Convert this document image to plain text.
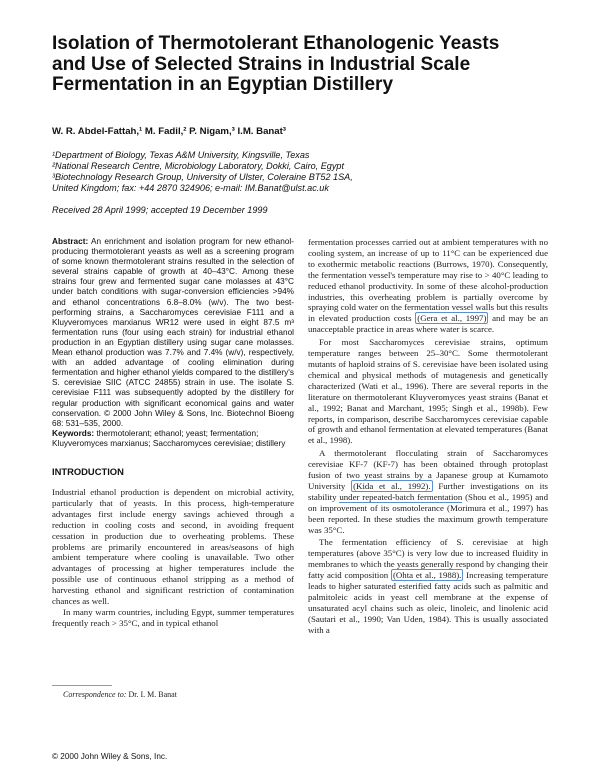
Isolation of Thermotolerant Ethanologenic Yeasts and Use of Selected Strains in Industrial Scale Fermentation in an Egyptian Distillery
W. R. Abdel-Fattah,¹ M. Fadil,² P. Nigam,³ I.M. Banat³
¹Department of Biology, Texas A&M University, Kingsville, Texas
²National Research Centre, Microbiology Laboratory, Dokki, Cairo, Egypt
³Biotechnology Research Group, University of Ulster, Coleraine BT52 1SA,
United Kingdom; fax: +44 2870 324906; e-mail: IM.Banat@ulst.ac.uk
Received 28 April 1999; accepted 19 December 1999
Abstract: An enrichment and isolation program for new ethanol-producing thermotolerant yeasts as well as a screening program of some known thermotolerant strains resulted in the selection of several strains capable of growth at 40–43°C. Among these strains four grew and fermented sugar cane molasses at 43°C under batch conditions with sugar-conversion efficiencies >94% and ethanol concentrations 6.8–8.0% (w/v). The two best-performing strains, a Saccharomyces cerevisiae F111 and a Kluyveromyces marxianus WR12 were used in eight 87.5 m³ fermentation runs (four using each strain) for industrial ethanol production in an Egyptian distillery using sugar cane molasses. Mean ethanol production was 7.7% and 7.4% (w/v), respectively, with an added advantage of cooling elimination during fermentation and higher ethanol yields compared to the distillery's S. cerevisiae SIIC (ATCC 24855) strain in use. The isolate S. cerevisiae F111 was subsequently adopted by the distillery for regular production with significant economical gains and water conservation. © 2000 John Wiley & Sons, Inc. Biotechnol Bioeng 68: 531–535, 2000.
Keywords: thermotolerant; ethanol; yeast; fermentation; Kluyveromyces marxianus; Saccharomyces cerevisiae; distillery
INTRODUCTION

Industrial ethanol production is dependent on microbial activity, particularly that of yeasts. In this process, high-temperature advantages first include energy savings achieved through a reduction in cooling costs and second, in avoiding frequent cessation in production due to overheating problems. These problems are primarily encountered in areas/seasons of high ambient temperature where cooling is unavailable. Two other advantages of processing at higher temperatures include the possible use of continuous ethanol stripping as a method of harvesting ethanol and significant restriction of contamination chances as well.

In many warm countries, including Egypt, summer temperatures frequently reach > 35°C, and in typical ethanol

fermentation processes carried out at ambient temperatures with no cooling system, an increase of up to 11°C can be experienced due to exothermic metabolic reactions (Burrows, 1970). Consequently, the fermentation vessel's temperature may rise to > 40°C leading to reduced ethanol productivity. In some of these alcohol-production industries, this overheating problem is partially overcome by spraying cold water on the fermentation vessel walls but this results in elevated production costs (Gera et al., 1997) and may be an unacceptable practice in areas where water is scarce.

For most Saccharomyces cerevisiae strains, optimum temperature ranges between 25–30°C. Some thermotolerant mutants of haploid strains of S. cerevisiae have been isolated using chemical and physical methods of mutagenesis and genetically characterized (Wati et al., 1996). There are several reports in the literature on thermotolerant Kluyveromyces yeast strains (Banat et al., 1992; Banat and Marchant, 1995; Singh et al., 1998b). Few reports, in comparison, describe Saccharomyces cerevisiae capable of growth and ethanol fermentation at elevated temperatures (Banat et al., 1998).

A thermotolerant flocculating strain of Saccharomyces cerevisiae KF-7 (KF-7) has been obtained through protoplast fusion of two yeast strains by a Japanese group at Kumamoto University (Kida et al., 1992). Further investigations on its stability under repeated-batch fermentation (Shou et al., 1995) and on improvement of its osmotolerance (Morimura et al., 1997) has been reported. In these studies the maximum growth temperature was 35°C.

The fermentation efficiency of S. cerevisiae at high temperatures (above 35°C) is very low due to increased fluidity in membranes to which the yeasts generally respond by changing their fatty acid composition (Ohta et al., 1988). Increasing temperature leads to higher saturated esterified fatty acids such as palmitic and palmitoleic acids in yeast cell membrane at the expense of unsaturated acyl chains such as oleic, linoleic, and linolenic acid (Sautari et al., 1990; Van Uden, 1984). This is usually associated with a

Correspondence to: Dr. I. M. Banat
© 2000 John Wiley & Sons, Inc.
